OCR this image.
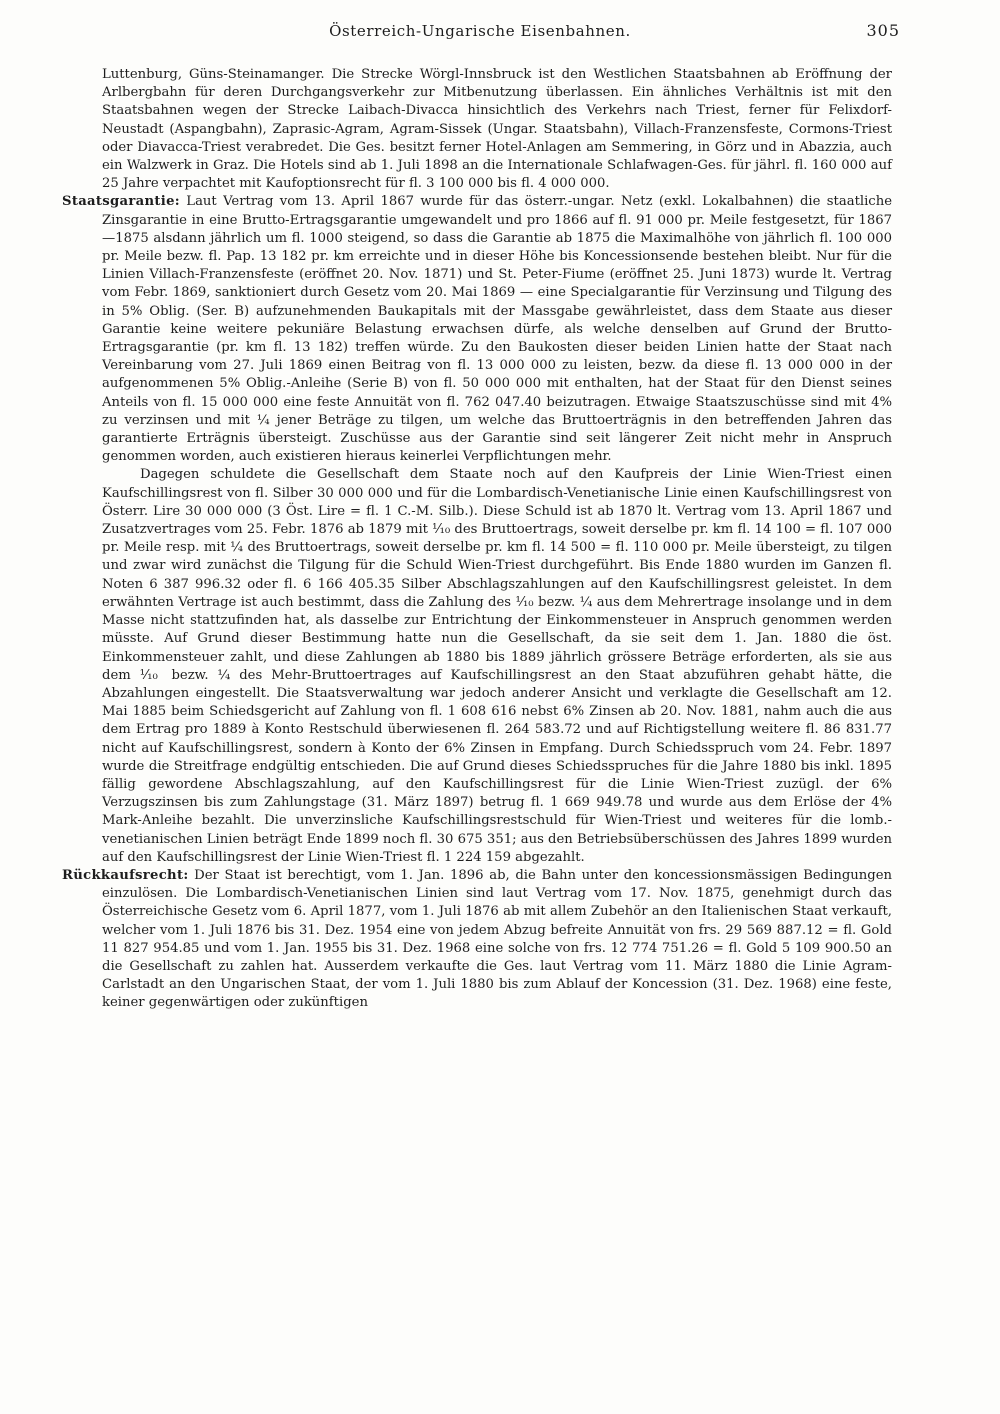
Österreich-Ungarische Eisenbahnen.	305

Luttenburg, Güns-Steinamanger. Die Strecke Wörgl-Innsbruck ist den Westlichen Staatsbahnen ab Eröffnung der Arlbergbahn für deren Durchgangsverkehr zur Mitbenutzung überlassen. Ein ähnliches Verhältnis ist mit den Staatsbahnen wegen der Strecke Laibach-Divacca hinsichtlich des Verkehrs nach Triest, ferner für Felixdorf-Neustadt (Aspangbahn), Zaprasic-Agram, Agram-Sissek (Ungar. Staatsbahn), Villach-Franzensfeste, Cormons-Triest oder Diavacca-Triest verabredet. Die Ges. besitzt ferner Hotel-Anlagen am Semmering, in Görz und in Abazzia, auch ein Walzwerk in Graz. Die Hotels sind ab 1. Juli 1898 an die Internationale Schlafwagen-Ges. für jährl. fl. 160 000 auf 25 Jahre verpachtet mit Kaufoptionsrecht für fl. 3 100 000 bis fl. 4 000 000.

Staatsgarantie: Laut Vertrag vom 13. April 1867 wurde für das österr.-ungar. Netz (exkl. Lokalbahnen) die staatliche Zinsgarantie in eine Brutto-Ertragsgarantie umgewandelt und pro 1866 auf fl. 91 000 pr. Meile festgesetzt, für 1867—1875 alsdann jährlich um fl. 1000 steigend, so dass die Garantie ab 1875 die Maximalhöhe von jährlich fl. 100 000 pr. Meile bezw. fl. Pap. 13 182 pr. km erreichte und in dieser Höhe bis Koncessionsende bestehen bleibt. Nur für die Linien Villach-Franzensfeste (eröffnet 20. Nov. 1871) und St. Peter-Fiume (eröffnet 25. Juni 1873) wurde lt. Vertrag vom Febr. 1869, sanktioniert durch Gesetz vom 20. Mai 1869 — eine Specialgarantie für Verzinsung und Tilgung des in 5% Oblig. (Ser. B) aufzunehmenden Baukapitals mit der Massgabe gewährleistet, dass dem Staate aus dieser Garantie keine weitere pekuniäre Belastung erwachsen dürfe, als welche denselben auf Grund der Brutto-Ertragsgarantie (pr. km fl. 13 182) treffen würde. Zu den Baukosten dieser beiden Linien hatte der Staat nach Vereinbarung vom 27. Juli 1869 einen Beitrag von fl. 13 000 000 zu leisten, bezw. da diese fl. 13 000 000 in der aufgenommenen 5% Oblig.-Anleihe (Serie B) von fl. 50 000 000 mit enthalten, hat der Staat für den Dienst seines Anteils von fl. 15 000 000 eine feste Annuität von fl. 762 047.40 beizutragen. Etwaige Staatszuschüsse sind mit 4% zu verzinsen und mit ¼ jener Beträge zu tilgen, um welche das Bruttoerträgnis in den betreffenden Jahren das garantierte Erträgnis übersteigt. Zuschüsse aus der Garantie sind seit längerer Zeit nicht mehr in Anspruch genommen worden, auch existieren hieraus keinerlei Verpflichtungen mehr.

Dagegen schuldete die Gesellschaft dem Staate noch auf den Kaufpreis der Linie Wien-Triest einen Kaufschillingsrest von fl. Silber 30 000 000 und für die Lombardisch-Venetianische Linie einen Kaufschillingsrest von Österr. Lire 30 000 000 (3 Öst. Lire = fl. 1 C.-M. Silb.). Diese Schuld ist ab 1870 lt. Vertrag vom 13. April 1867 und Zusatzvertrages vom 25. Febr. 1876 ab 1879 mit ⅒ des Bruttoertrags, soweit derselbe pr. km fl. 14 100 = fl. 107 000 pr. Meile resp. mit ¼ des Bruttoertrags, soweit derselbe pr. km fl. 14 500 = fl. 110 000 pr. Meile übersteigt, zu tilgen und zwar wird zunächst die Tilgung für die Schuld Wien-Triest durchgeführt. Bis Ende 1880 wurden im Ganzen fl. Noten 6 387 996.32 oder fl. 6 166 405.35 Silber Abschlagszahlungen auf den Kaufschillingsrest geleistet. In dem erwähnten Vertrage ist auch bestimmt, dass die Zahlung des ⅒ bezw. ¼ aus dem Mehrertrage insolange und in dem Masse nicht stattzufinden hat, als dasselbe zur Entrichtung der Einkommensteuer in Anspruch genommen werden müsste. Auf Grund dieser Bestimmung hatte nun die Gesellschaft, da sie seit dem 1. Jan. 1880 die öst. Einkommensteuer zahlt, und diese Zahlungen ab 1880 bis 1889 jährlich grössere Beträge erforderten, als sie aus dem ⅒ bezw. ¼ des Mehr-Bruttoertrages auf Kaufschillingsrest an den Staat abzuführen gehabt hätte, die Abzahlungen eingestellt. Die Staatsverwaltung war jedoch anderer Ansicht und verklagte die Gesellschaft am 12. Mai 1885 beim Schiedsgericht auf Zahlung von fl. 1 608 616 nebst 6% Zinsen ab 20. Nov. 1881, nahm auch die aus dem Ertrag pro 1889 à Konto Restschuld überwiesenen fl. 264 583.72 und auf Richtigstellung weitere fl. 86 831.77 nicht auf Kaufschillingsrest, sondern à Konto der 6% Zinsen in Empfang. Durch Schiedsspruch vom 24. Febr. 1897 wurde die Streitfrage endgültig entschieden. Die auf Grund dieses Schiedsspruches für die Jahre 1880 bis inkl. 1895 fällig gewordene Abschlagszahlung, auf den Kaufschillingsrest für die Linie Wien-Triest zuzügl. der 6% Verzugszinsen bis zum Zahlungstage (31. März 1897) betrug fl. 1 669 949.78 und wurde aus dem Erlöse der 4% Mark-Anleihe bezahlt. Die unverzinsliche Kaufschillingsrestschuld für Wien-Triest und weiteres für die lomb.-venetianischen Linien beträgt Ende 1899 noch fl. 30 675 351; aus den Betriebsüberschüssen des Jahres 1899 wurden auf den Kaufschillingsrest der Linie Wien-Triest fl. 1 224 159 abgezahlt.

Rückkaufsrecht: Der Staat ist berechtigt, vom 1. Jan. 1896 ab, die Bahn unter den koncessionsmässigen Bedingungen einzulösen. Die Lombardisch-Venetianischen Linien sind laut Vertrag vom 17. Nov. 1875, genehmigt durch das Österreichische Gesetz vom 6. April 1877, vom 1. Juli 1876 ab mit allem Zubehör an den Italienischen Staat verkauft, welcher vom 1. Juli 1876 bis 31. Dez. 1954 eine von jedem Abzug befreite Annuität von frs. 29 569 887.12 = fl. Gold 11 827 954.85 und vom 1. Jan. 1955 bis 31. Dez. 1968 eine solche von frs. 12 774 751.26 = fl. Gold 5 109 900.50 an die Gesellschaft zu zahlen hat. Ausserdem verkaufte die Ges. laut Vertrag vom 11. März 1880 die Linie Agram-Carlstadt an den Ungarischen Staat, der vom 1. Juli 1880 bis zum Ablauf der Koncession (31. Dez. 1968) eine feste, keiner gegenwärtigen oder zukünftigen
